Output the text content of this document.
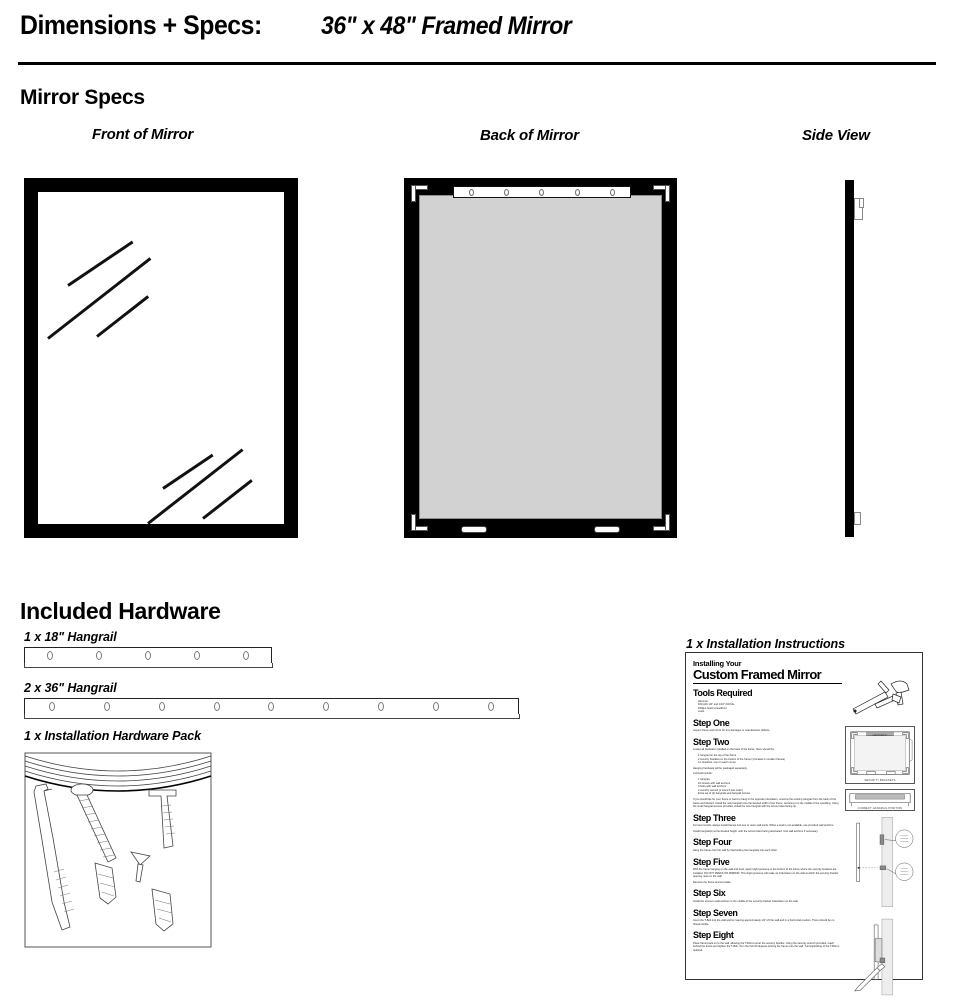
Dimensions + Specs: 36" x 48" Framed Mirror
Mirror Specs
Front of Mirror	Back of Mirror	Side View
Included Hardware
1 x 18" Hangrail
2 x 36" Hangrail
1 x Installation Hardware Pack
1 x Installation Instructions
Installing Your
Custom Framed Mirror
Tools Required
Hammer
Drill with 1/4" and 1/16" drill bits
Phillips head screwdriver
Level
Step One

Inspect frame and mirror for any damages or manufacturer defects.

Step Two

Locate all hardware installed on the back of the frame, there should be:

1 hangrail on the top of the frame
2 security brackets on the bottom of the frame (1 located on smaller frames)
4 L brackets, one on each corner

Hanging hardware will be packaged separately.

It should include:

1 hangrail
10 screws with wall anchors
4 bolts with wall anchors
2 security wrench (1 wrench just order)
Extra set of (2) hangrails and hangrail screws

If you would like for your frame to hand to hang in the opposite orientation, unscrew the existing hangrail from the back of the frame and discard. Install the new hangrail onto the desired width of the frame, centering it in the middle of the moulding. Using the small hangrail screws provided, install the new hangrail with the screw holes facing up.

Step Three

For best results, always install frames into one or more wall studs. When a stud is not available, use provided wall anchors.

Install hangrail(s) at the desired height, with the screw holes facing downward. Use wall anchors if necessary.

Step Four

Hang the frame onto the wall by interlocking the hangrails into each other.

Step Five

With the frame hanging on the wall and level, apply slight pressure to the bottom of the frame where the security brackets are installed. DO NOT PRESS ON MIRROR. This slight pressure will make an indentation on the wall at which the security bracket opening rests on the wall.

Remove the frame and set aside.

Step Six

Install the screw-in wall anchors in the middle of the security bracket indentation on the wall.

Step Seven

Insert the T-Bolt into the wall anchor, leaving approximately 1/4" off the wall and in a horizontal position. There should be no thread visible.

Step Eight

Place frame back on to the wall, allowing the T-Bolt to enter the security bracket. Using the security wrench provided, reach behind the frame and tighten the T-Bolt. Turn the bolt 90 degrees locking the frame onto the wall. Turning/locking of the T-Bolt is optional.

HANGRAIL
SECURITY BRACKETS
CORRECT HANGRAIL POSITION
